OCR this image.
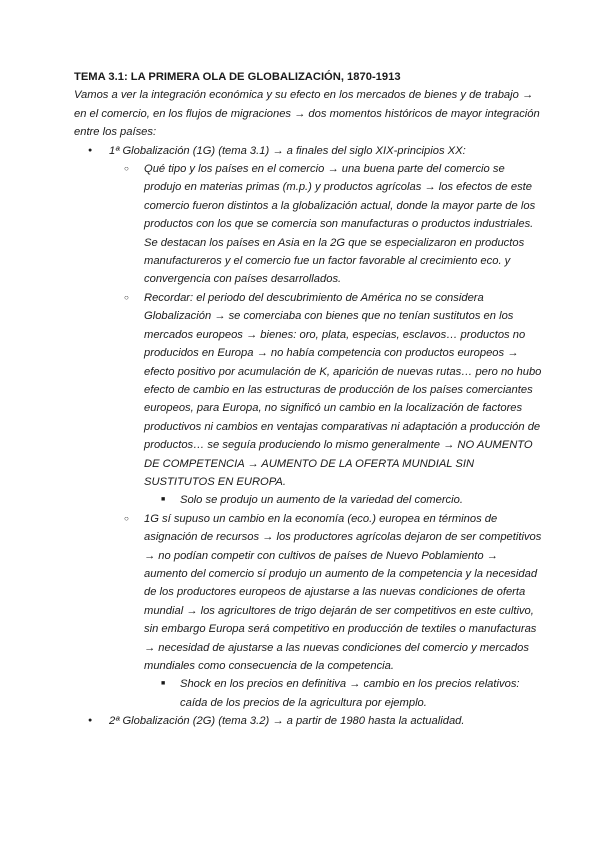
TEMA 3.1: LA PRIMERA OLA DE GLOBALIZACIÓN, 1870-1913

Vamos a ver la integración económica y su efecto en los mercados de bienes y de trabajo → en el comercio, en los flujos de migraciones → dos momentos históricos de mayor integración entre los países:

● 1ª Globalización (1G) (tema 3.1) → a finales del siglo XIX-principios XX:
○ Qué tipo y los países en el comercio → una buena parte del comercio se produjo en materias primas (m.p.) y productos agrícolas → los efectos de este comercio fueron distintos a la globalización actual, donde la mayor parte de los productos con los que se comercia son manufacturas o productos industriales. Se destacan los países en Asia en la 2G que se especializaron en productos manufactureros y el comercio fue un factor favorable al crecimiento eco. y convergencia con países desarrollados.
○ Recordar: el periodo del descubrimiento de América no se considera Globalización → se comerciaba con bienes que no tenían sustitutos en los mercados europeos → bienes: oro, plata, especias, esclavos… productos no producidos en Europa → no había competencia con productos europeos → efecto positivo por acumulación de K, aparición de nuevas rutas… pero no hubo efecto de cambio en las estructuras de producción de los países comerciantes europeos, para Europa, no significó un cambio en la localización de factores productivos ni cambios en ventajas comparativas ni adaptación a producción de productos… se seguía produciendo lo mismo generalmente → NO AUMENTO DE COMPETENCIA → AUMENTO DE LA OFERTA MUNDIAL SIN SUSTITUTOS EN EUROPA.
■ Solo se produjo un aumento de la variedad del comercio.
○ 1G sí supuso un cambio en la economía (eco.) europea en términos de asignación de recursos → los productores agrícolas dejaron de ser competitivos → no podían competir con cultivos de países de Nuevo Poblamiento → aumento del comercio sí produjo un aumento de la competencia y la necesidad de los productores europeos de ajustarse a las nuevas condiciones de oferta mundial → los agricultores de trigo dejarán de ser competitivos en este cultivo, sin embargo Europa será competitivo en producción de textiles o manufacturas → necesidad de ajustarse a las nuevas condiciones del comercio y mercados mundiales como consecuencia de la competencia.
■ Shock en los precios en definitiva → cambio en los precios relativos: caída de los precios de la agricultura por ejemplo.
● 2ª Globalización (2G) (tema 3.2) → a partir de 1980 hasta la actualidad.
